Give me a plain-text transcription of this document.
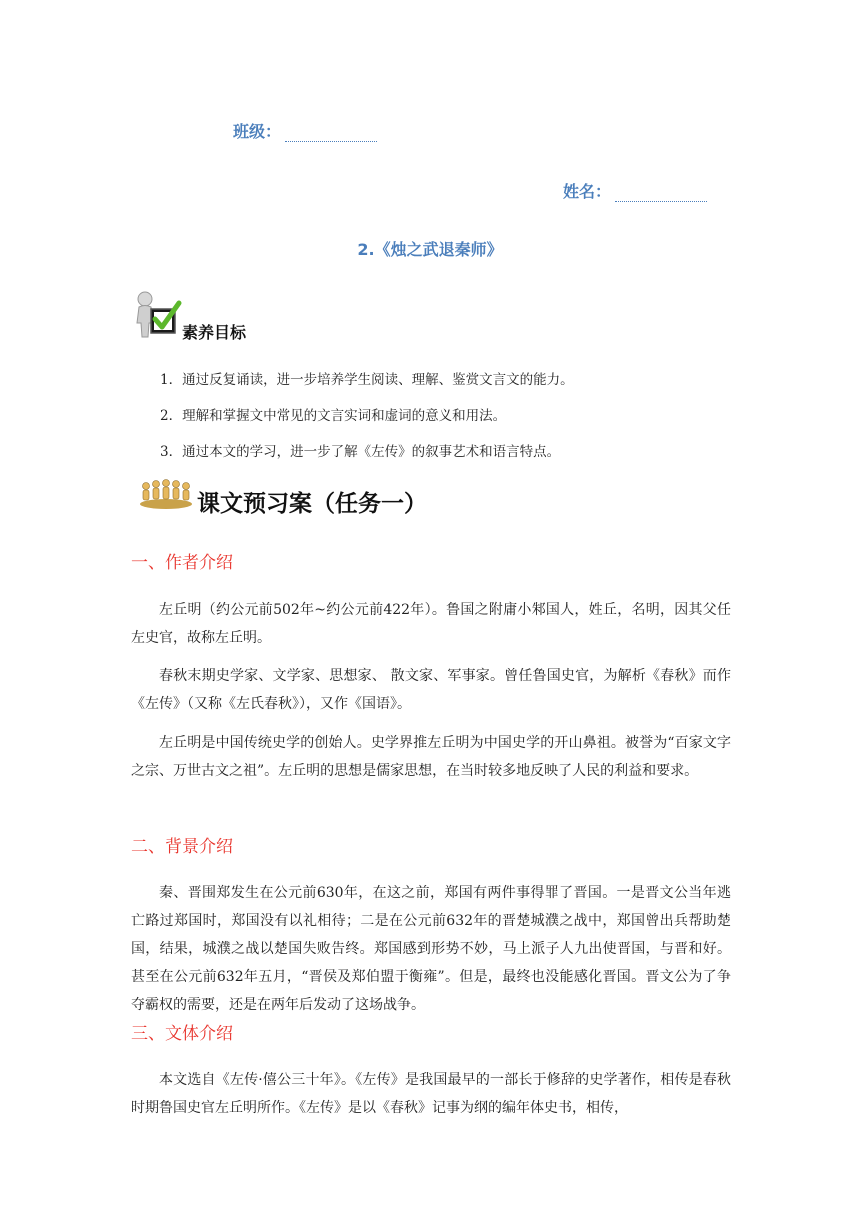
班级：
姓名：
2.《烛之武退秦师》
素养目标
1．通过反复诵读，进一步培养学生阅读、理解、鉴赏文言文的能力。
2．理解和掌握文中常见的文言实词和虚词的意义和用法。
3．通过本文的学习，进一步了解《左传》的叙事艺术和语言特点。
课文预习案（任务一）
一、作者介绍
左丘明（约公元前502年~约公元前422年）。鲁国之附庸小邾国人，姓丘，名明，因其父任左史官，故称左丘明。
春秋末期史学家、文学家、思想家、 散文家、军事家。曾任鲁国史官，为解析《春秋》而作《左传》（又称《左氏春秋》），又作《国语》。
左丘明是中国传统史学的创始人。史学界推左丘明为中国史学的开山鼻祖。被誉为“百家文字之宗、万世古文之祖”。左丘明的思想是儒家思想，在当时较多地反映了人民的利益和要求。
二、背景介绍
秦、晋围郑发生在公元前630年，在这之前，郑国有两件事得罪了晋国。一是晋文公当年逃亡路过郑国时，郑国没有以礼相待；二是在公元前632年的晋楚城濮之战中，郑国曾出兵帮助楚国，结果，城濮之战以楚国失败告终。郑国感到形势不妙，马上派子人九出使晋国，与晋和好。甚至在公元前632年五月，“晋侯及郑伯盟于衡雍”。但是，最终也没能感化晋国。晋文公为了争夺霸权的需要，还是在两年后发动了这场战争。
三、文体介绍
本文选自《左传·僖公三十年》。《左传》是我国最早的一部长于修辞的史学著作，相传是春秋时期鲁国史官左丘明所作。《左传》是以《春秋》记事为纲的编年体史书，相传，
